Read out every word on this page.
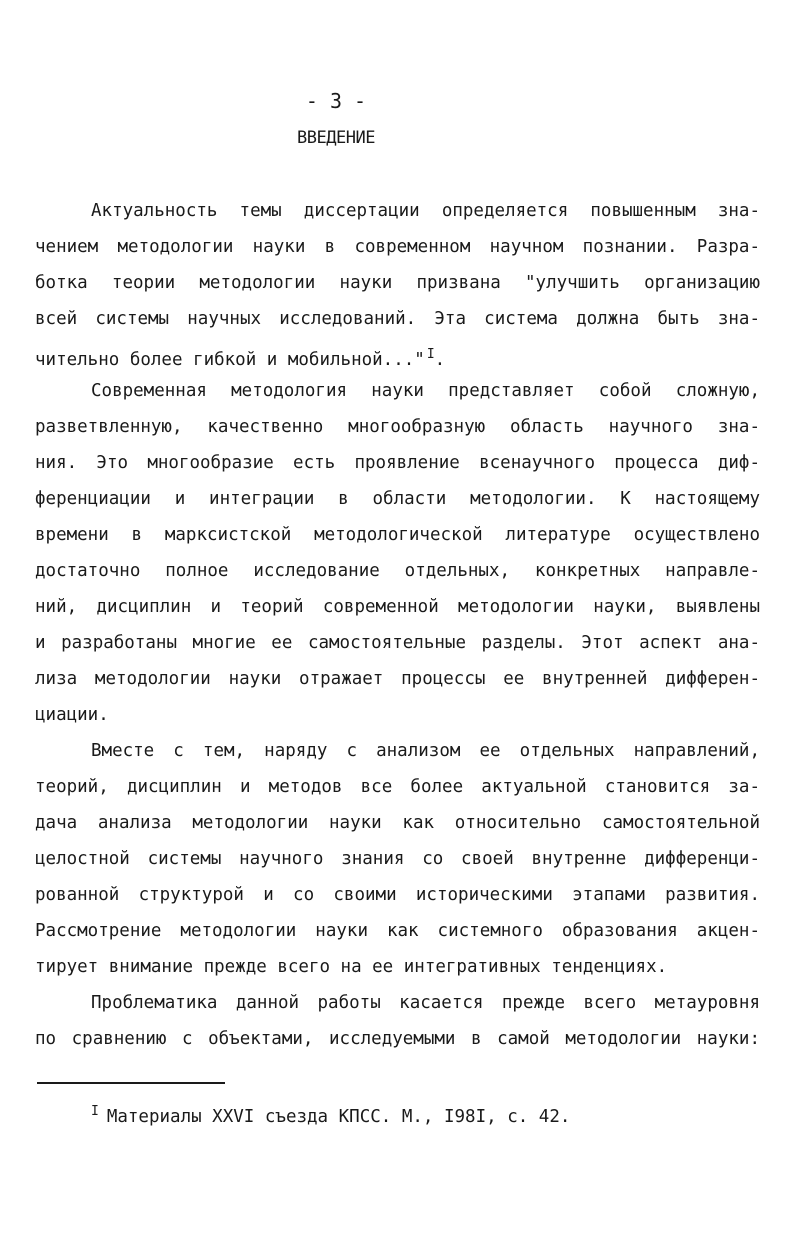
- 3 -
ВВЕДЕНИЕ
Актуальность темы диссертации определяется повышенным зна-
чением методологии науки в современном научном познании. Разра-
ботка теории методологии науки призвана "улучшить организацию
всей системы научных исследований. Эта система должна быть зна-
чительно более гибкой и мобильной..." $^I$.
Современная методология науки представляет собой сложную,
разветвленную, качественно многообразную область научного зна-
ния. Это многообразие есть проявление всенаучного процесса диф-
ференциации и интеграции в области методологии. К настоящему
времени в марксистской методологической литературе осуществлено
достаточно полное исследование отдельных, конкретных направле-
ний, дисциплин и теорий современной методологии науки, выявлены
и разработаны многие ее самостоятельные разделы. Этот аспект ана-
лиза методологии науки отражает процессы ее внутренней дифферен-
циации.
Вместе с тем, наряду с анализом ее отдельных направлений,
теорий, дисциплин и методов все более актуальной становится за-
дача анализа методологии науки как относительно самостоятельной
целостной системы научного знания со своей внутренне дифференци-
рованной структурой и со своими историческими этапами развития.
Рассмотрение методологии науки как системного образования акцен-
тирует внимание прежде всего на ее интегративных тенденциях.
Проблематика данной работы касается прежде всего метауровня
по сравнению с объектами, исследуемыми в самой методологии науки:
$^I$ Материалы XXVI съезда КПСС. М., I98I, с. 42.
